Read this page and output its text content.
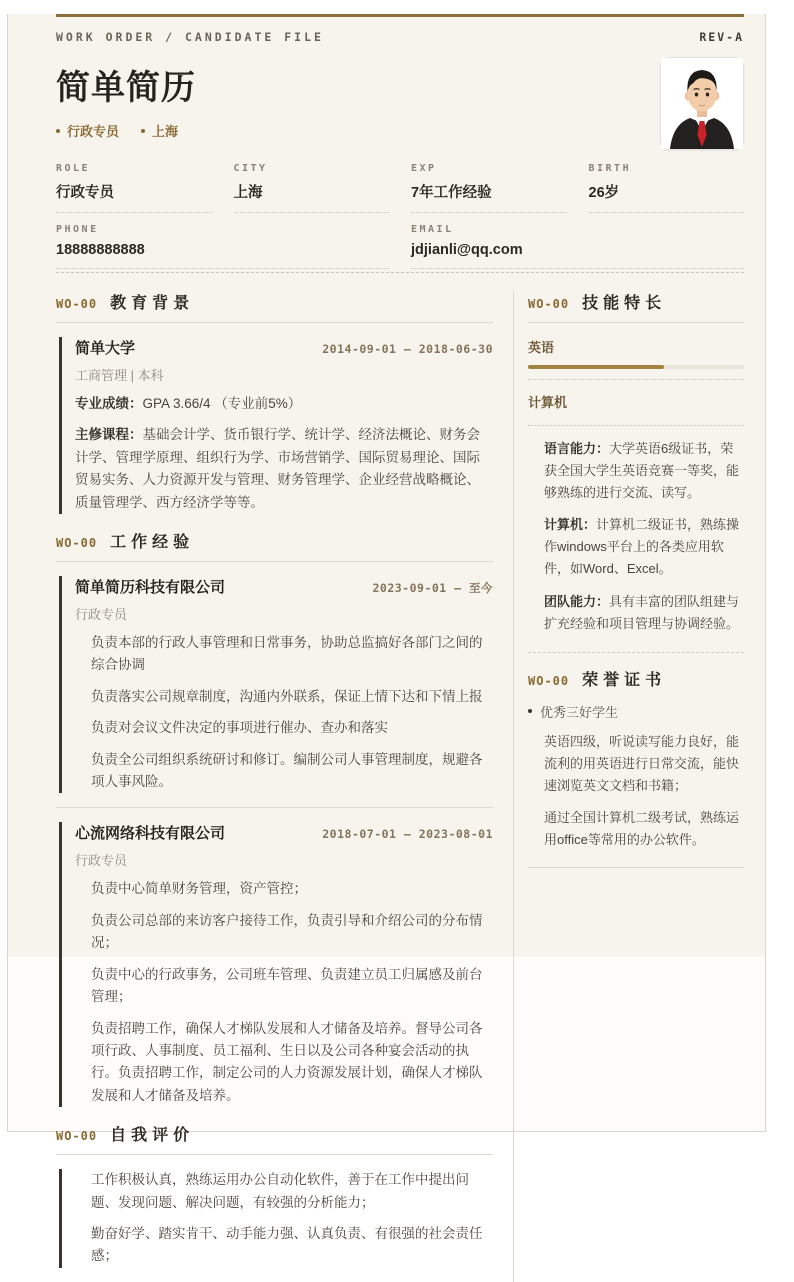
WORK ORDER / CANDIDATE FILE
简单简历
行政专员	上海
REV-A
ROLE
行政专员
CITY
上海
EXP
7年工作经验
BIRTH
26岁
PHONE
18888888888
EMAIL
jdjianli@qq.com
WO-00 教育背景
简单大学	2014-09-01 – 2018-06-30
工商管理 | 本科

专业成绩：GPA 3.66/4 （专业前5%）

主修课程：基础会计学、货币银行学、统计学、经济法概论、财务会计学、管理学原理、组织行为学、市场营销学、国际贸易理论、国际贸易实务、人力资源开发与管理、财务管理学、企业经营战略概论、质量管理学、西方经济学等等。

WO-00 工作经验
简单简历科技有限公司	2023-09-01 – 至今
行政专员

负责本部的行政人事管理和日常事务，协助总监搞好各部门之间的综合协调

负责落实公司规章制度，沟通内外联系，保证上情下达和下情上报

负责对会议文件决定的事项进行催办、查办和落实

负责全公司组织系统研讨和修订。编制公司人事管理制度，规避各项人事风险。

心流网络科技有限公司	2018-07-01 – 2023-08-01
行政专员

负责中心简单财务管理，资产管控；

负责公司总部的来访客户接待工作，负责引导和介绍公司的分布情况；

负责中心的行政事务，公司班车管理、负责建立员工归属感及前台管理；

负责招聘工作，确保人才梯队发展和人才储备及培养。督导公司各项行政、人事制度、员工福利、生日以及公司各种宴会活动的执行。负责招聘工作，制定公司的人力资源发展计划，确保人才梯队发展和人才储备及培养。

WO-00 自我评价

工作积极认真，熟练运用办公自动化软件，善于在工作中提出问题、发现问题、解决问题，有较强的分析能力；

勤奋好学、踏实肯干、动手能力强、认真负责、有很强的社会责任感；

WO-00 技能特长
英语
计算机

语言能力：大学英语6级证书，荣获全国大学生英语竞赛一等奖，能够熟练的进行交流、读写。

计算机：计算机二级证书，熟练操作windows平台上的各类应用软件，如Word、Excel。

团队能力：具有丰富的团队组建与扩充经验和项目管理与协调经验。

WO-00 荣誉证书
优秀三好学生

英语四级，听说读写能力良好，能流利的用英语进行日常交流，能快速浏览英文文档和书籍；

通过全国计算机二级考试，熟练运用office等常用的办公软件。
